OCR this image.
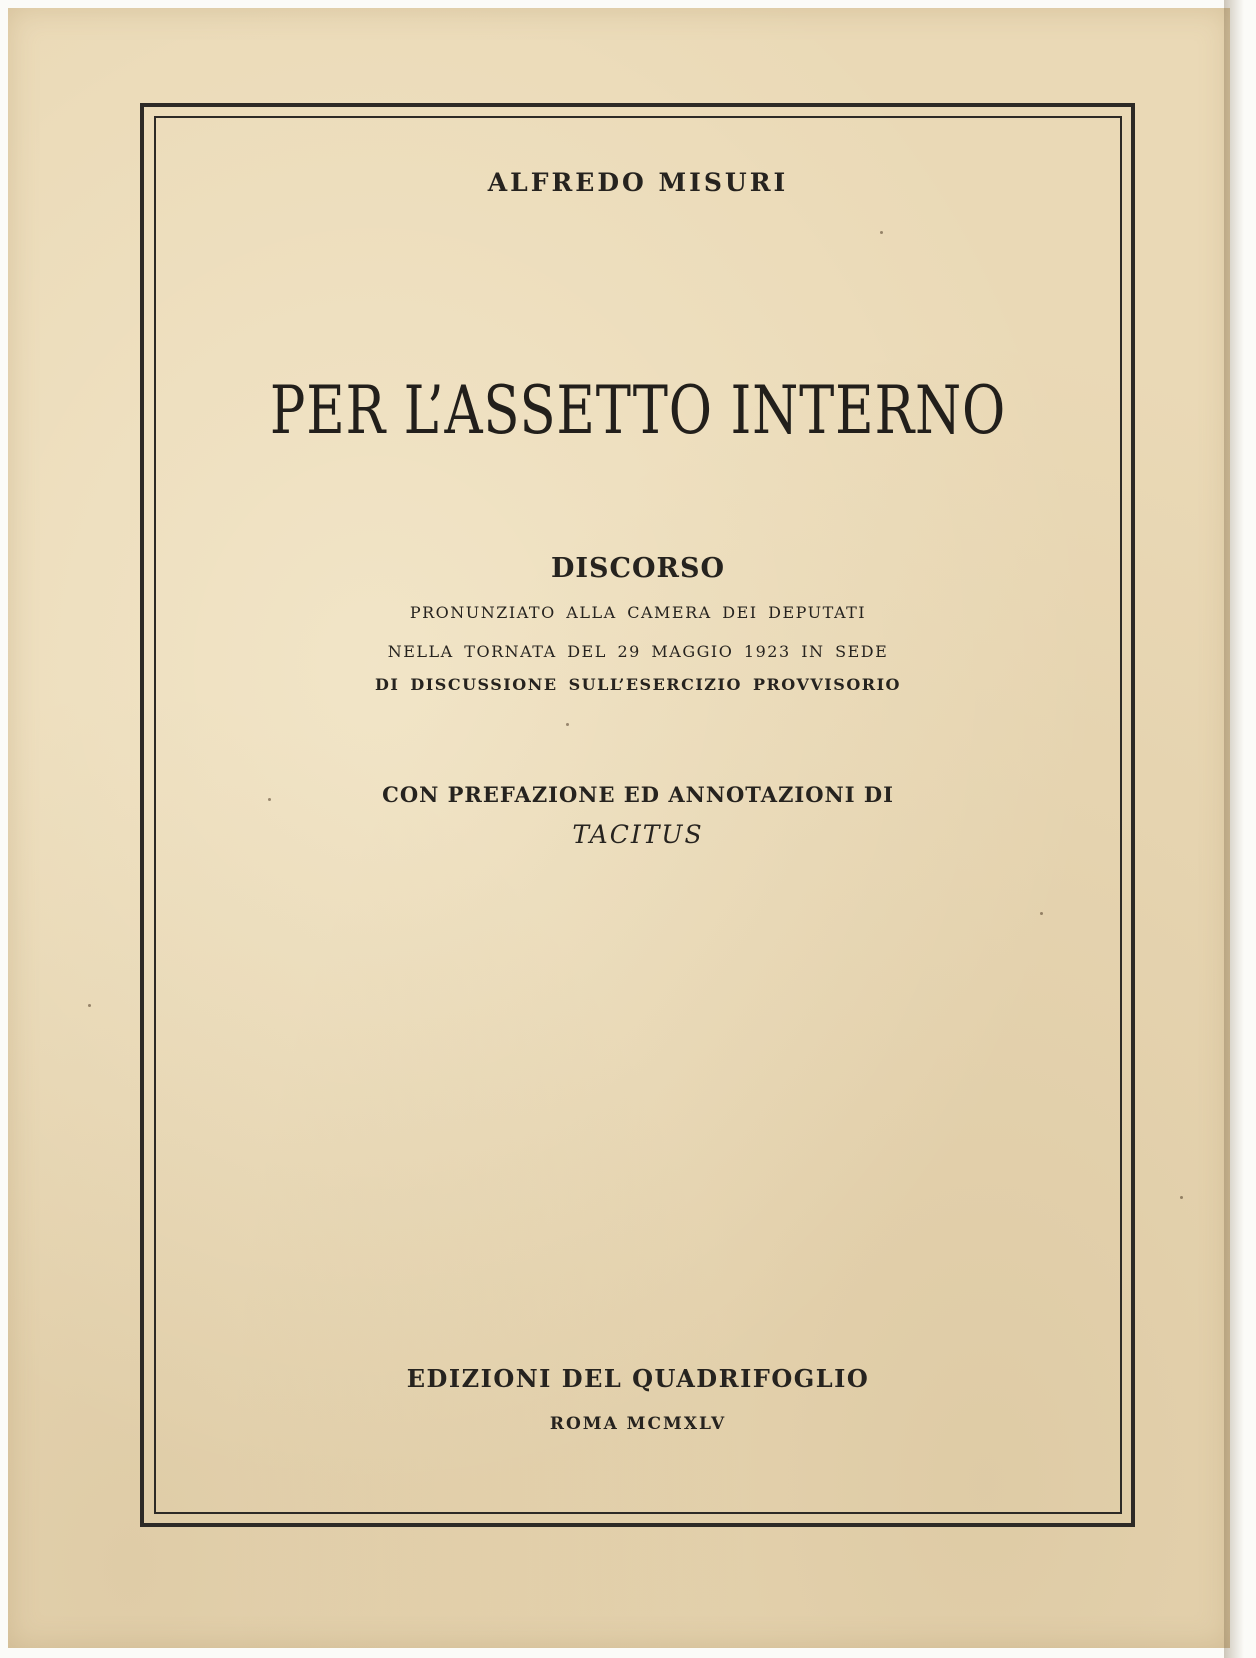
ALFREDO MISURI
PER L’ASSETTO INTERNO
DISCORSO
PRONUNZIATO ALLA CAMERA DEI DEPUTATI
NELLA TORNATA DEL 29 MAGGIO 1923 IN SEDE
DI DISCUSSIONE SULL’ESERCIZIO PROVVISORIO
CON PREFAZIONE ED ANNOTAZIONI DI
TACITUS
EDIZIONI DEL QUADRIFOGLIO
ROMA MCMXLV
